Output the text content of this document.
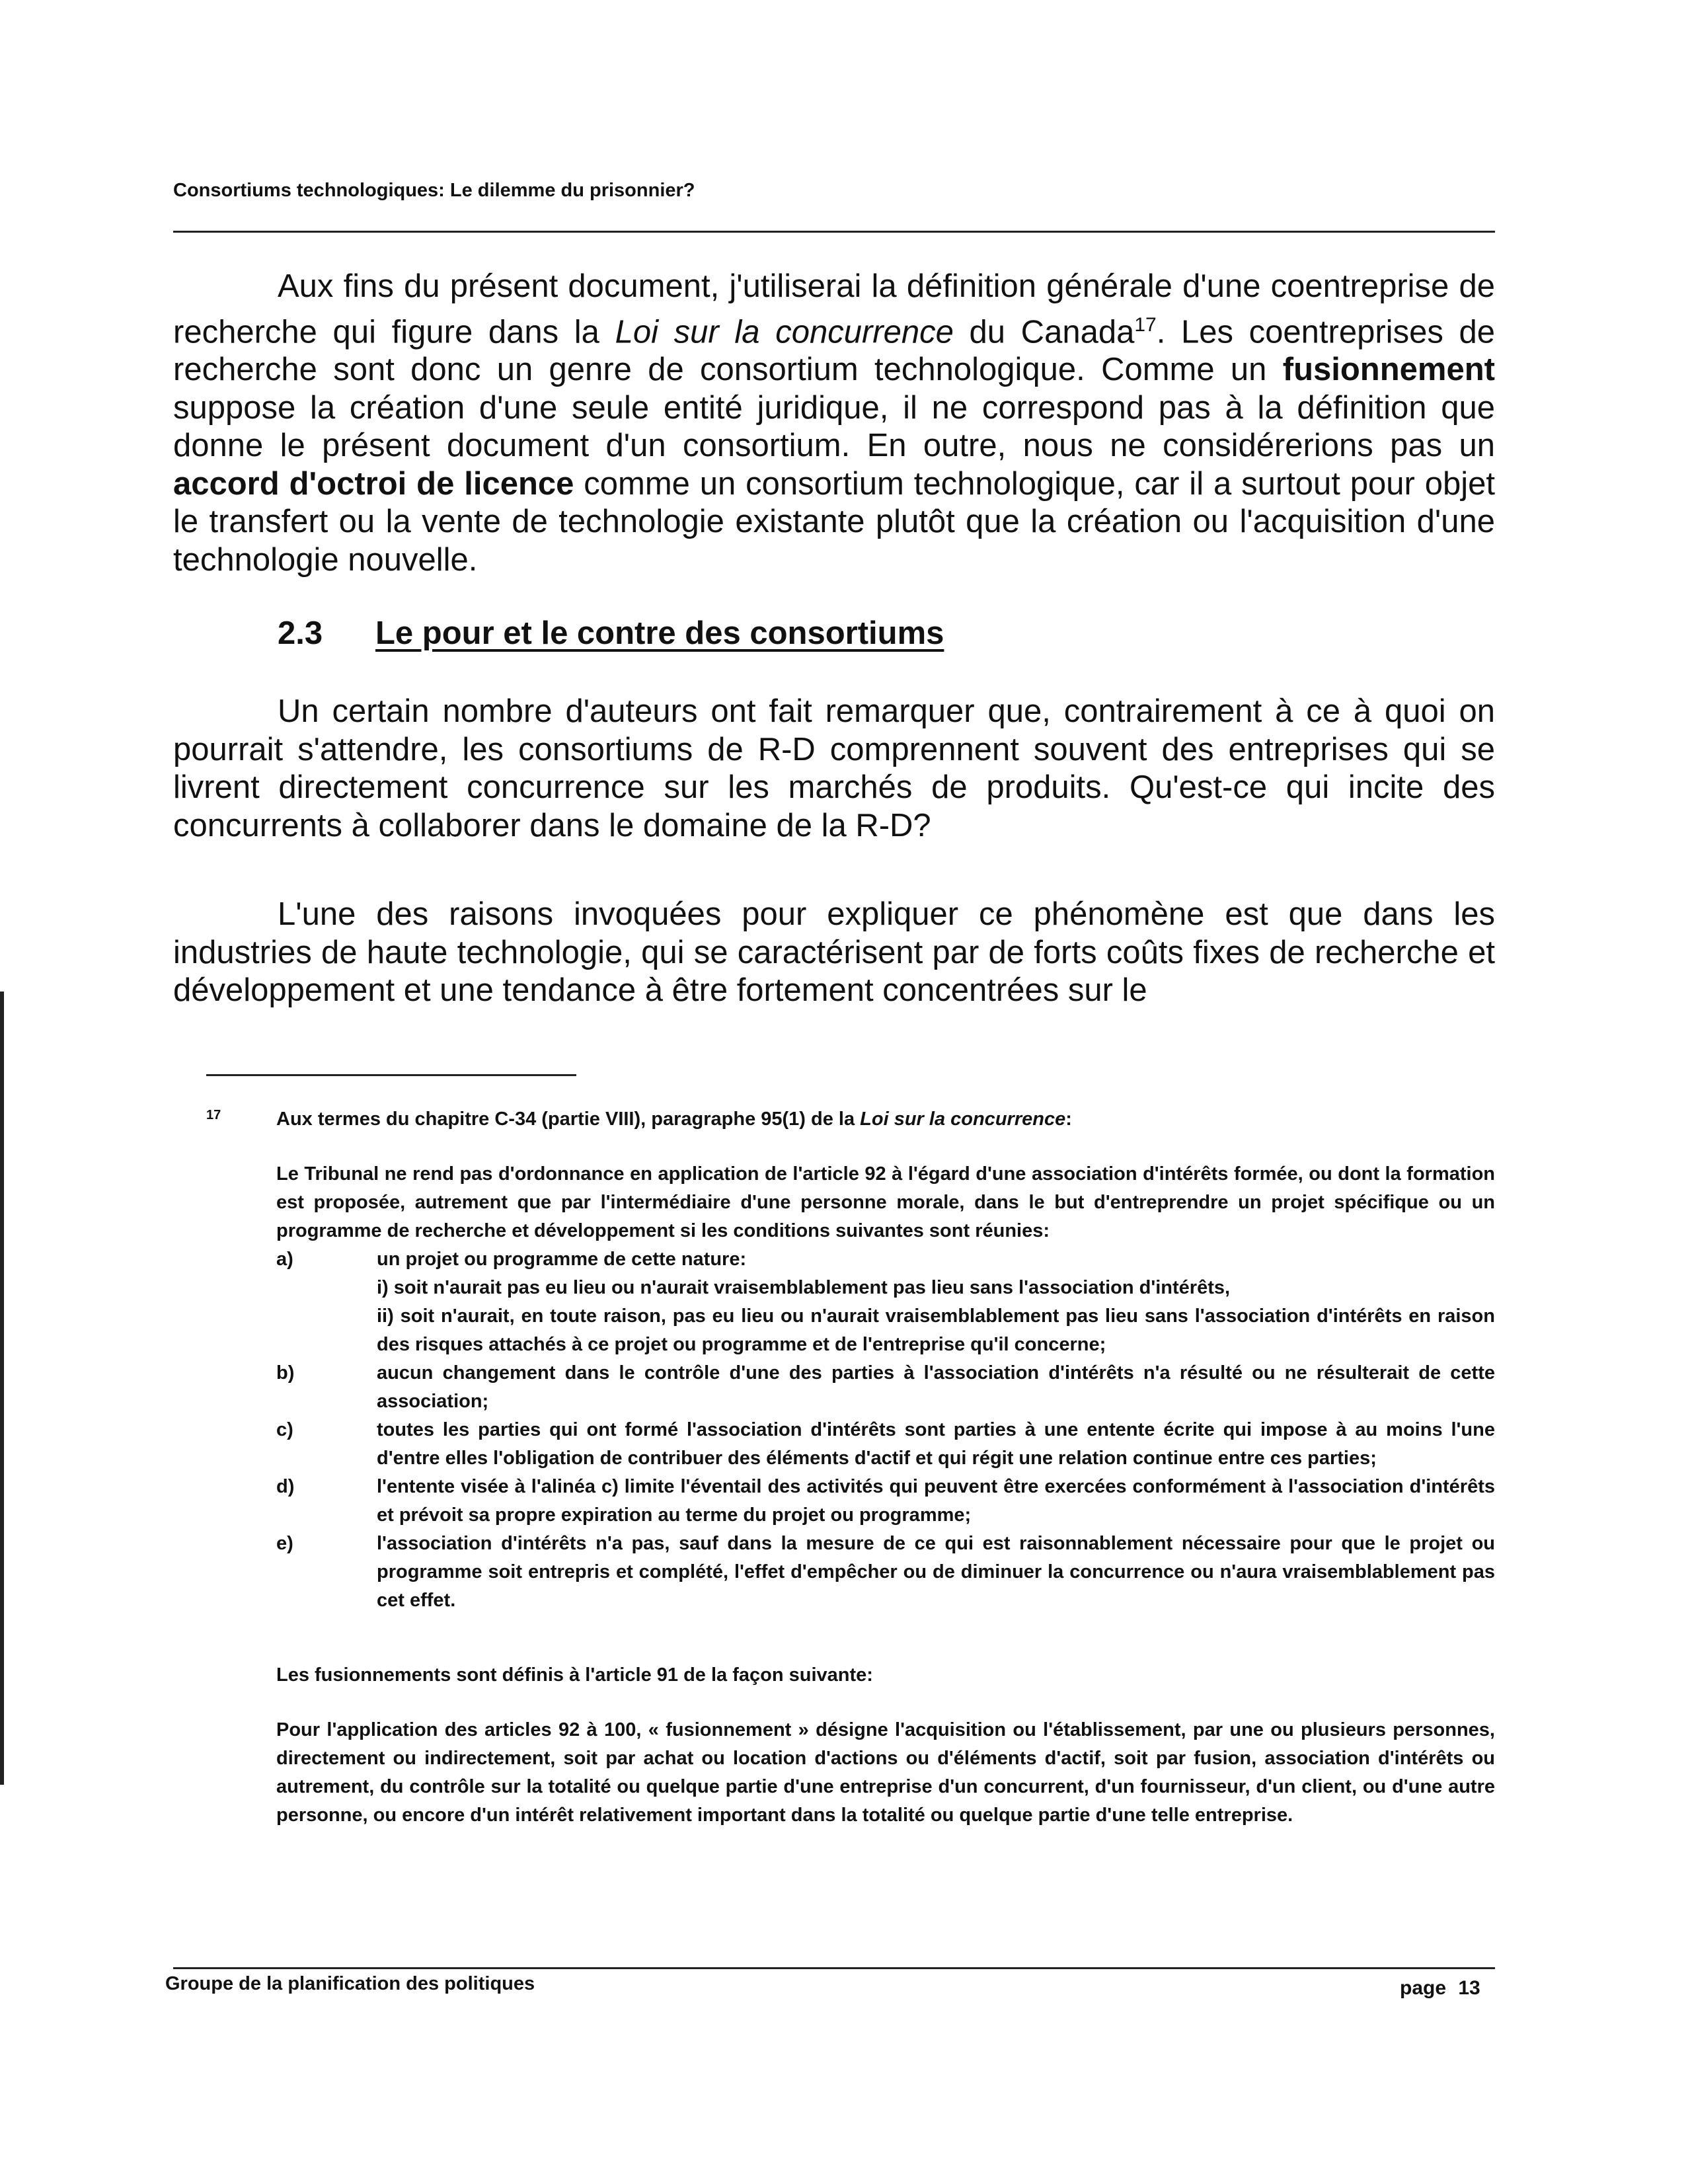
Consortiums technologiques: Le dilemme du prisonnier?

Aux fins du présent document, j'utiliserai la définition générale d'une coentreprise de recherche qui figure dans la Loi sur la concurrence du Canada$^{17}$. Les coentreprises de recherche sont donc un genre de consortium technologique. Comme un fusionnement suppose la création d'une seule entité juridique, il ne correspond pas à la définition que donne le présent document d'un consortium. En outre, nous ne considérerions pas un accord d'octroi de licence comme un consortium technologique, car il a surtout pour objet le transfert ou la vente de technologie existante plutôt que la création ou l'acquisition d'une technologie nouvelle.

2.3 Le pour et le contre des consortiums

Un certain nombre d'auteurs ont fait remarquer que, contrairement à ce à quoi on pourrait s'attendre, les consortiums de R-D comprennent souvent des entreprises qui se livrent directement concurrence sur les marchés de produits. Qu'est-ce qui incite des concurrents à collaborer dans le domaine de la R-D?

L'une des raisons invoquées pour expliquer ce phénomène est que dans les industries de haute technologie, qui se caractérisent par de forts coûts fixes de recherche et développement et une tendance à être fortement concentrées sur le

17	Aux termes du chapitre C-34 (partie VIII), paragraphe 95(1) de la Loi sur la concurrence:

Le Tribunal ne rend pas d'ordonnance en application de l'article 92 à l'égard d'une association d'intérêts formée, ou dont la formation est proposée, autrement que par l'intermédiaire d'une personne morale, dans le but d'entreprendre un projet spécifique ou un programme de recherche et développement si les conditions suivantes sont réunies:

a)	un projet ou programme de cette nature:
i) soit n'aurait pas eu lieu ou n'aurait vraisemblablement pas lieu sans l'association d'intérêts,
ii) soit n'aurait, en toute raison, pas eu lieu ou n'aurait vraisemblablement pas lieu sans l'association d'intérêts en raison des risques attachés à ce projet ou programme et de l'entreprise qu'il concerne;
b)	aucun changement dans le contrôle d'une des parties à l'association d'intérêts n'a résulté ou ne résulterait de cette association;
c)	toutes les parties qui ont formé l'association d'intérêts sont parties à une entente écrite qui impose à au moins l'une d'entre elles l'obligation de contribuer des éléments d'actif et qui régit une relation continue entre ces parties;
d)	l'entente visée à l'alinéa c) limite l'éventail des activités qui peuvent être exercées conformément à l'association d'intérêts et prévoit sa propre expiration au terme du projet ou programme;
e)	l'association d'intérêts n'a pas, sauf dans la mesure de ce qui est raisonnablement nécessaire pour que le projet ou programme soit entrepris et complété, l'effet d'empêcher ou de diminuer la concurrence ou n'aura vraisemblablement pas cet effet.

Les fusionnements sont définis à l'article 91 de la façon suivante:

Pour l'application des articles 92 à 100, « fusionnement » désigne l'acquisition ou l'établissement, par une ou plusieurs personnes, directement ou indirectement, soit par achat ou location d'actions ou d'éléments d'actif, soit par fusion, association d'intérêts ou autrement, du contrôle sur la totalité ou quelque partie d'une entreprise d'un concurrent, d'un fournisseur, d'un client, ou d'une autre personne, ou encore d'un intérêt relativement important dans la totalité ou quelque partie d'une telle entreprise.

Groupe de la planification des politiques	page 13
